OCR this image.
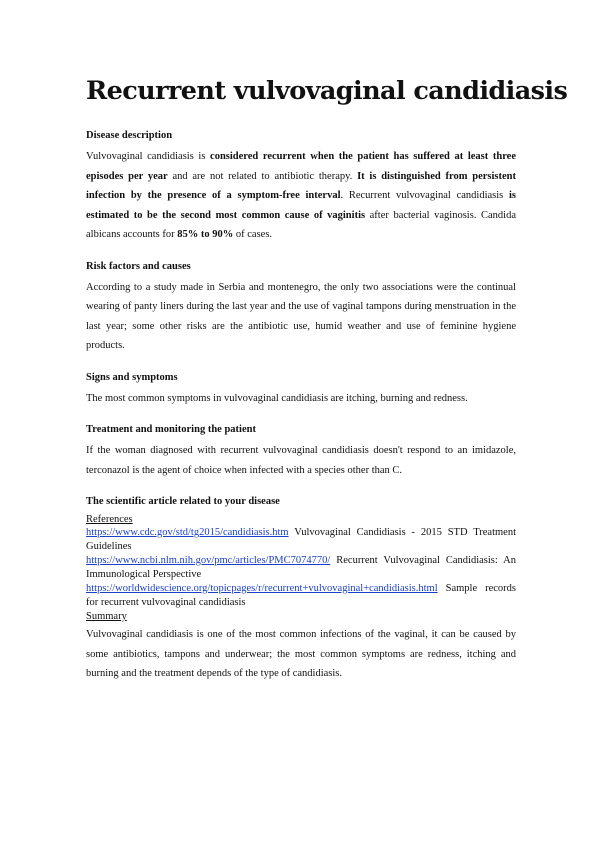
Recurrent vulvovaginal candidiasis
Disease description

Vulvovaginal candidiasis is considered recurrent when the patient has suffered at least three episodes per year and are not related to antibiotic therapy. It is distinguished from persistent infection by the presence of a symptom-free interval. Recurrent vulvovaginal candidiasis is estimated to be the second most common cause of vaginitis after bacterial vaginosis. Candida albicans accounts for 85% to 90% of cases.

Risk factors and causes

According to a study made in Serbia and montenegro, the only two associations were the continual wearing of panty liners during the last year and the use of vaginal tampons during menstruation in the last year; some other risks are the antibiotic use, humid weather and use of feminine hygiene products.

Signs and symptoms

The most common symptoms in vulvovaginal candidiasis are itching, burning and redness.

Treatment and monitoring the patient

If the woman diagnosed with recurrent vulvovaginal candidiasis doesn't respond to an imidazole, terconazol is the agent of choice when infected with a species other than C.

The scientific article related to your disease

References

https://www.cdc.gov/std/tg2015/candidiasis.htm Vulvovaginal Candidiasis - 2015 STD Treatment Guidelines

https://www.ncbi.nlm.nih.gov/pmc/articles/PMC7074770/ Recurrent Vulvovaginal Candidiasis: An Immunological Perspective

https://worldwidescience.org/topicpages/r/recurrent+vulvovaginal+candidiasis.html Sample records for recurrent vulvovaginal candidiasis

Summary

Vulvovaginal candidiasis is one of the most common infections of the vaginal, it can be caused by some antibiotics, tampons and underwear; the most common symptoms are redness, itching and burning and the treatment depends of the type of candidiasis.
